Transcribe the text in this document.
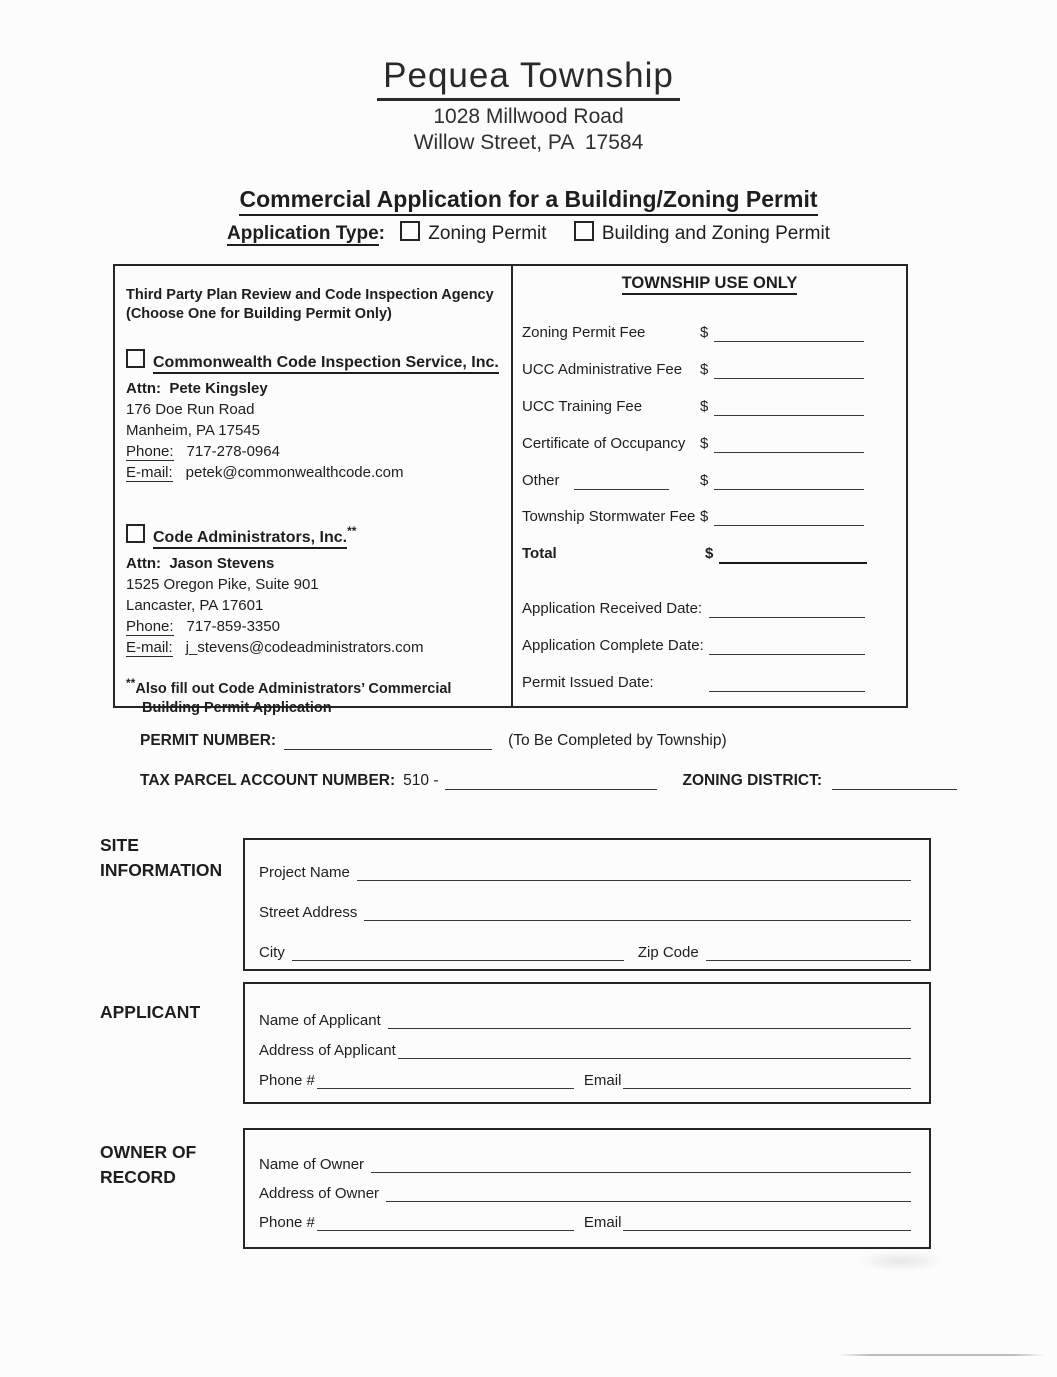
Pequea Township
1028 Millwood Road
Willow Street, PA  17584
Commercial Application for a Building/Zoning Permit
Application Type: Zoning Permit	Building and Zoning Permit
Third Party Plan Review and Code Inspection Agency
(Choose One for Building Permit Only)
Commonwealth Code Inspection Service, Inc.
Attn:  Pete Kingsley
176 Doe Run Road
Manheim, PA 17545
Phone: 717-278-0964
E-mail: petek@commonwealthcode.com
Code Administrators, Inc.**
Attn:  Jason Stevens
1525 Oregon Pike, Suite 901
Lancaster, PA 17601
Phone: 717-859-3350
E-mail: j_stevens@codeadministrators.com
**Also fill out Code Administrators’ Commercial
Building Permit Application
TOWNSHIP USE ONLY
Zoning Permit Fee	$
UCC Administrative Fee $
UCC Training Fee	$
Certificate of Occupancy $
Other	$
Township Stormwater Fee $
Total	$
Application Received Date:
Application Complete Date:
Permit Issued Date:
PERMIT NUMBER:	(To Be Completed by Township)
TAX PARCEL ACCOUNT NUMBER: 510 -	ZONING DISTRICT:
SITE
INFORMATION Project Name
Street Address
City	Zip Code
APPLICANT	Name of Applicant
Address of Applicant
Phone #	Email
OWNER OF
RECORD
Name of Owner
Address of Owner
Phone #	Email
